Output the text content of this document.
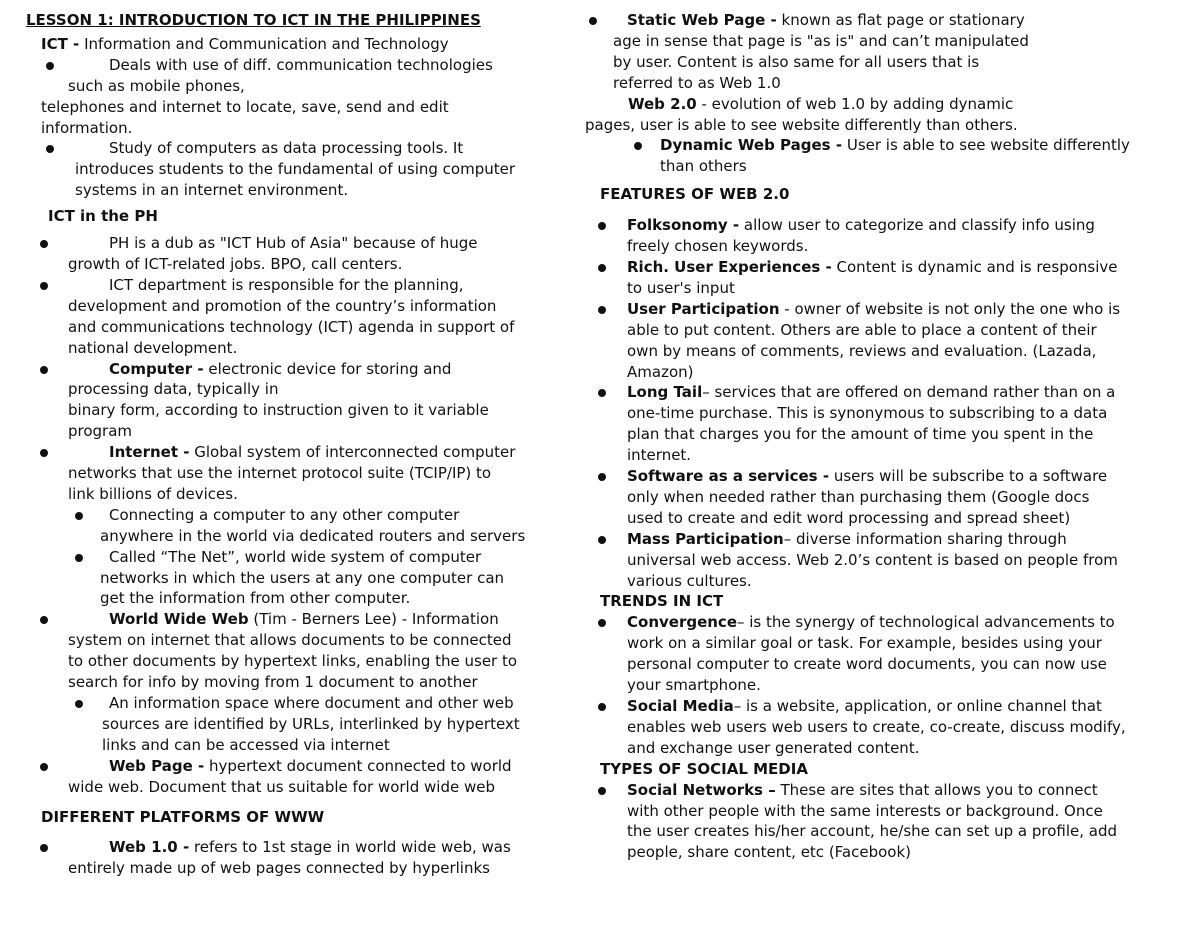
LESSON 1: INTRODUCTION TO ICT IN THE PHILIPPINES
ICT - Information and Communication and Technology
Deals with use of diff. communication technologies
such as mobile phones,
telephones and internet to locate, save, send and edit
information.
Study of computers as data processing tools. It
introduces students to the fundamental of using computer
systems in an internet environment.
ICT in the PH
PH is a dub as "ICT Hub of Asia" because of huge
growth of ICT-related jobs. BPO, call centers.
ICT department is responsible for the planning,
development and promotion of the country’s information
and communications technology (ICT) agenda in support of
national development.
Computer - electronic device for storing and
processing data, typically in
binary form, according to instruction given to it variable
program
Internet - Global system of interconnected computer
networks that use the internet protocol suite (TCIP/IP) to
link billions of devices.
Connecting a computer to any other computer
anywhere in the world via dedicated routers and servers
Called “The Net”, world wide system of computer
networks in which the users at any one computer can
get the information from other computer.
World Wide Web (Tim - Berners Lee) - Information
system on internet that allows documents to be connected
to other documents by hypertext links, enabling the user to
search for info by moving from 1 document to another
An information space where document and other web
sources are identified by URLs, interlinked by hypertext
links and can be accessed via internet
Web Page - hypertext document connected to world
wide web. Document that us suitable for world wide web
DIFFERENT PLATFORMS OF WWW
Web 1.0 - refers to 1st stage in world wide web, was
entirely made up of web pages connected by hyperlinks
Static Web Page - known as flat page or stationary
age in sense that page is "as is" and can’t manipulated
by user. Content is also same for all users that is
referred to as Web 1.0
Web 2.0 - evolution of web 1.0 by adding dynamic
pages, user is able to see website differently than others.
Dynamic Web Pages - User is able to see website differently
than others
FEATURES OF WEB 2.0
Folksonomy - allow user to categorize and classify info using
freely chosen keywords.
Rich. User Experiences - Content is dynamic and is responsive
to user's input
User Participation - owner of website is not only the one who is
able to put content. Others are able to place a content of their
own by means of comments, reviews and evaluation. (Lazada,
Amazon)
Long Tail– services that are offered on demand rather than on a
one-time purchase. This is synonymous to subscribing to a data
plan that charges you for the amount of time you spent in the
internet.
Software as a services - users will be subscribe to a software
only when needed rather than purchasing them (Google docs
used to create and edit word processing and spread sheet)
Mass Participation– diverse information sharing through
universal web access. Web 2.0’s content is based on people from
various cultures.
TRENDS IN ICT
Convergence– is the synergy of technological advancements to
work on a similar goal or task. For example, besides using your
personal computer to create word documents, you can now use
your smartphone.
Social Media– is a website, application, or online channel that
enables web users web users to create, co-create, discuss modify,
and exchange user generated content.
TYPES OF SOCIAL MEDIA
Social Networks – These are sites that allows you to connect
with other people with the same interests or background. Once
the user creates his/her account, he/she can set up a profile, add
people, share content, etc (Facebook)
